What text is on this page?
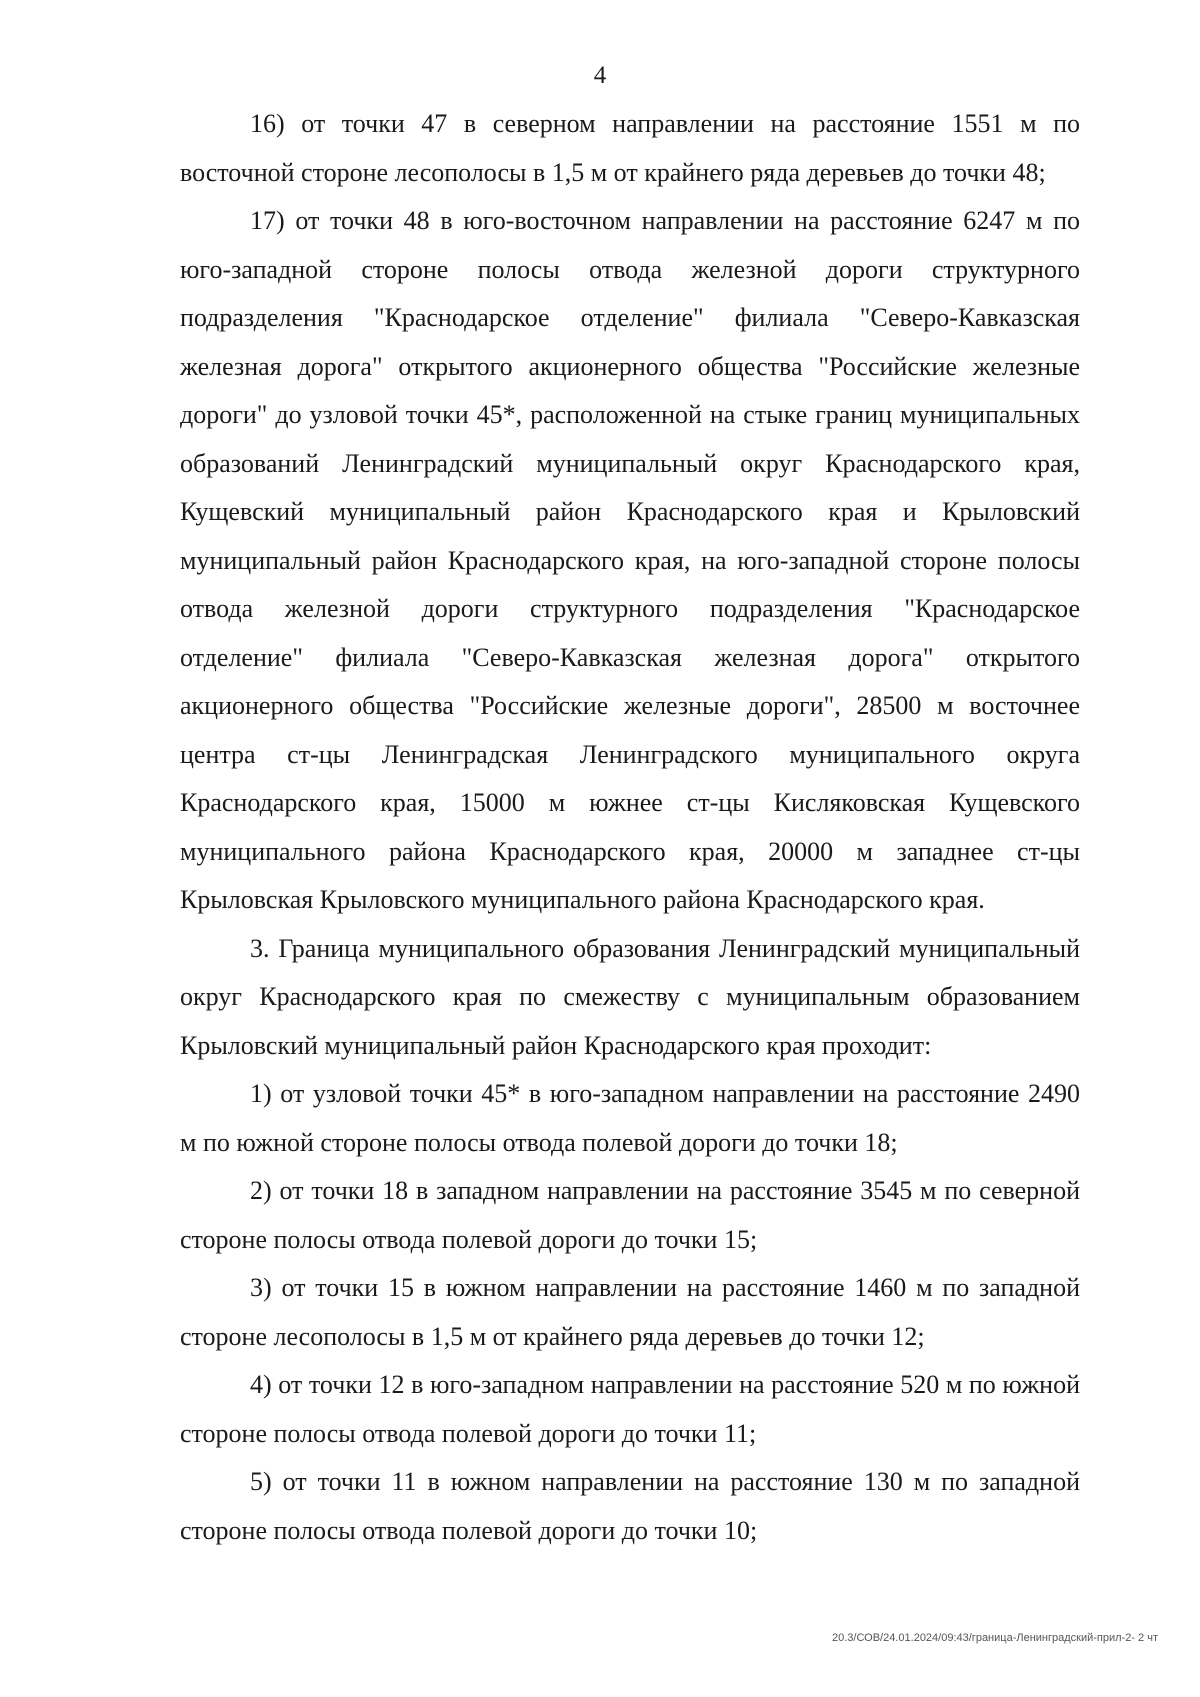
4

16) от точки 47 в северном направлении на расстояние 1551 м по восточной стороне лесополосы в 1,5 м от крайнего ряда деревьев до точки 48;

17) от точки 48 в юго-восточном направлении на расстояние 6247 м по юго-западной стороне полосы отвода железной дороги структурного подразделения "Краснодарское отделение" филиала "Северо-Кавказская железная дорога" открытого акционерного общества "Российские железные дороги" до узловой точки 45*, расположенной на стыке границ муниципальных образований Ленинградский муниципальный округ Краснодарского края, Кущевский муниципальный район Краснодарского края и Крыловский муниципальный район Краснодарского края, на юго-западной стороне полосы отвода железной дороги структурного подразделения "Краснодарское отделение" филиала "Северо-Кавказская железная дорога" открытого акционерного общества "Российские железные дороги", 28500 м восточнее центра ст-цы Ленинградская Ленинградского муниципального округа Краснодарского края, 15000 м южнее ст-цы Кисляковская Кущевского муниципального района Краснодарского края, 20000 м западнее ст-цы Крыловская Крыловского муниципального района Краснодарского края.

3. Граница муниципального образования Ленинградский муниципальный округ Краснодарского края по смежеству с муниципальным образованием Крыловский муниципальный район Краснодарского края проходит:

1) от узловой точки 45* в юго-западном направлении на расстояние 2490 м по южной стороне полосы отвода полевой дороги до точки 18;

2) от точки 18 в западном направлении на расстояние 3545 м по северной стороне полосы отвода полевой дороги до точки 15;

3) от точки 15 в южном направлении на расстояние 1460 м по западной стороне лесополосы в 1,5 м от крайнего ряда деревьев до точки 12;

4) от точки 12 в юго-западном направлении на расстояние 520 м по южной стороне полосы отвода полевой дороги до точки 11;

5) от точки 11 в южном направлении на расстояние 130 м по западной стороне полосы отвода полевой дороги до точки 10;

20.3/СОВ/24.01.2024/09:43/граница-Ленинградский-прил-2- 2 чт
